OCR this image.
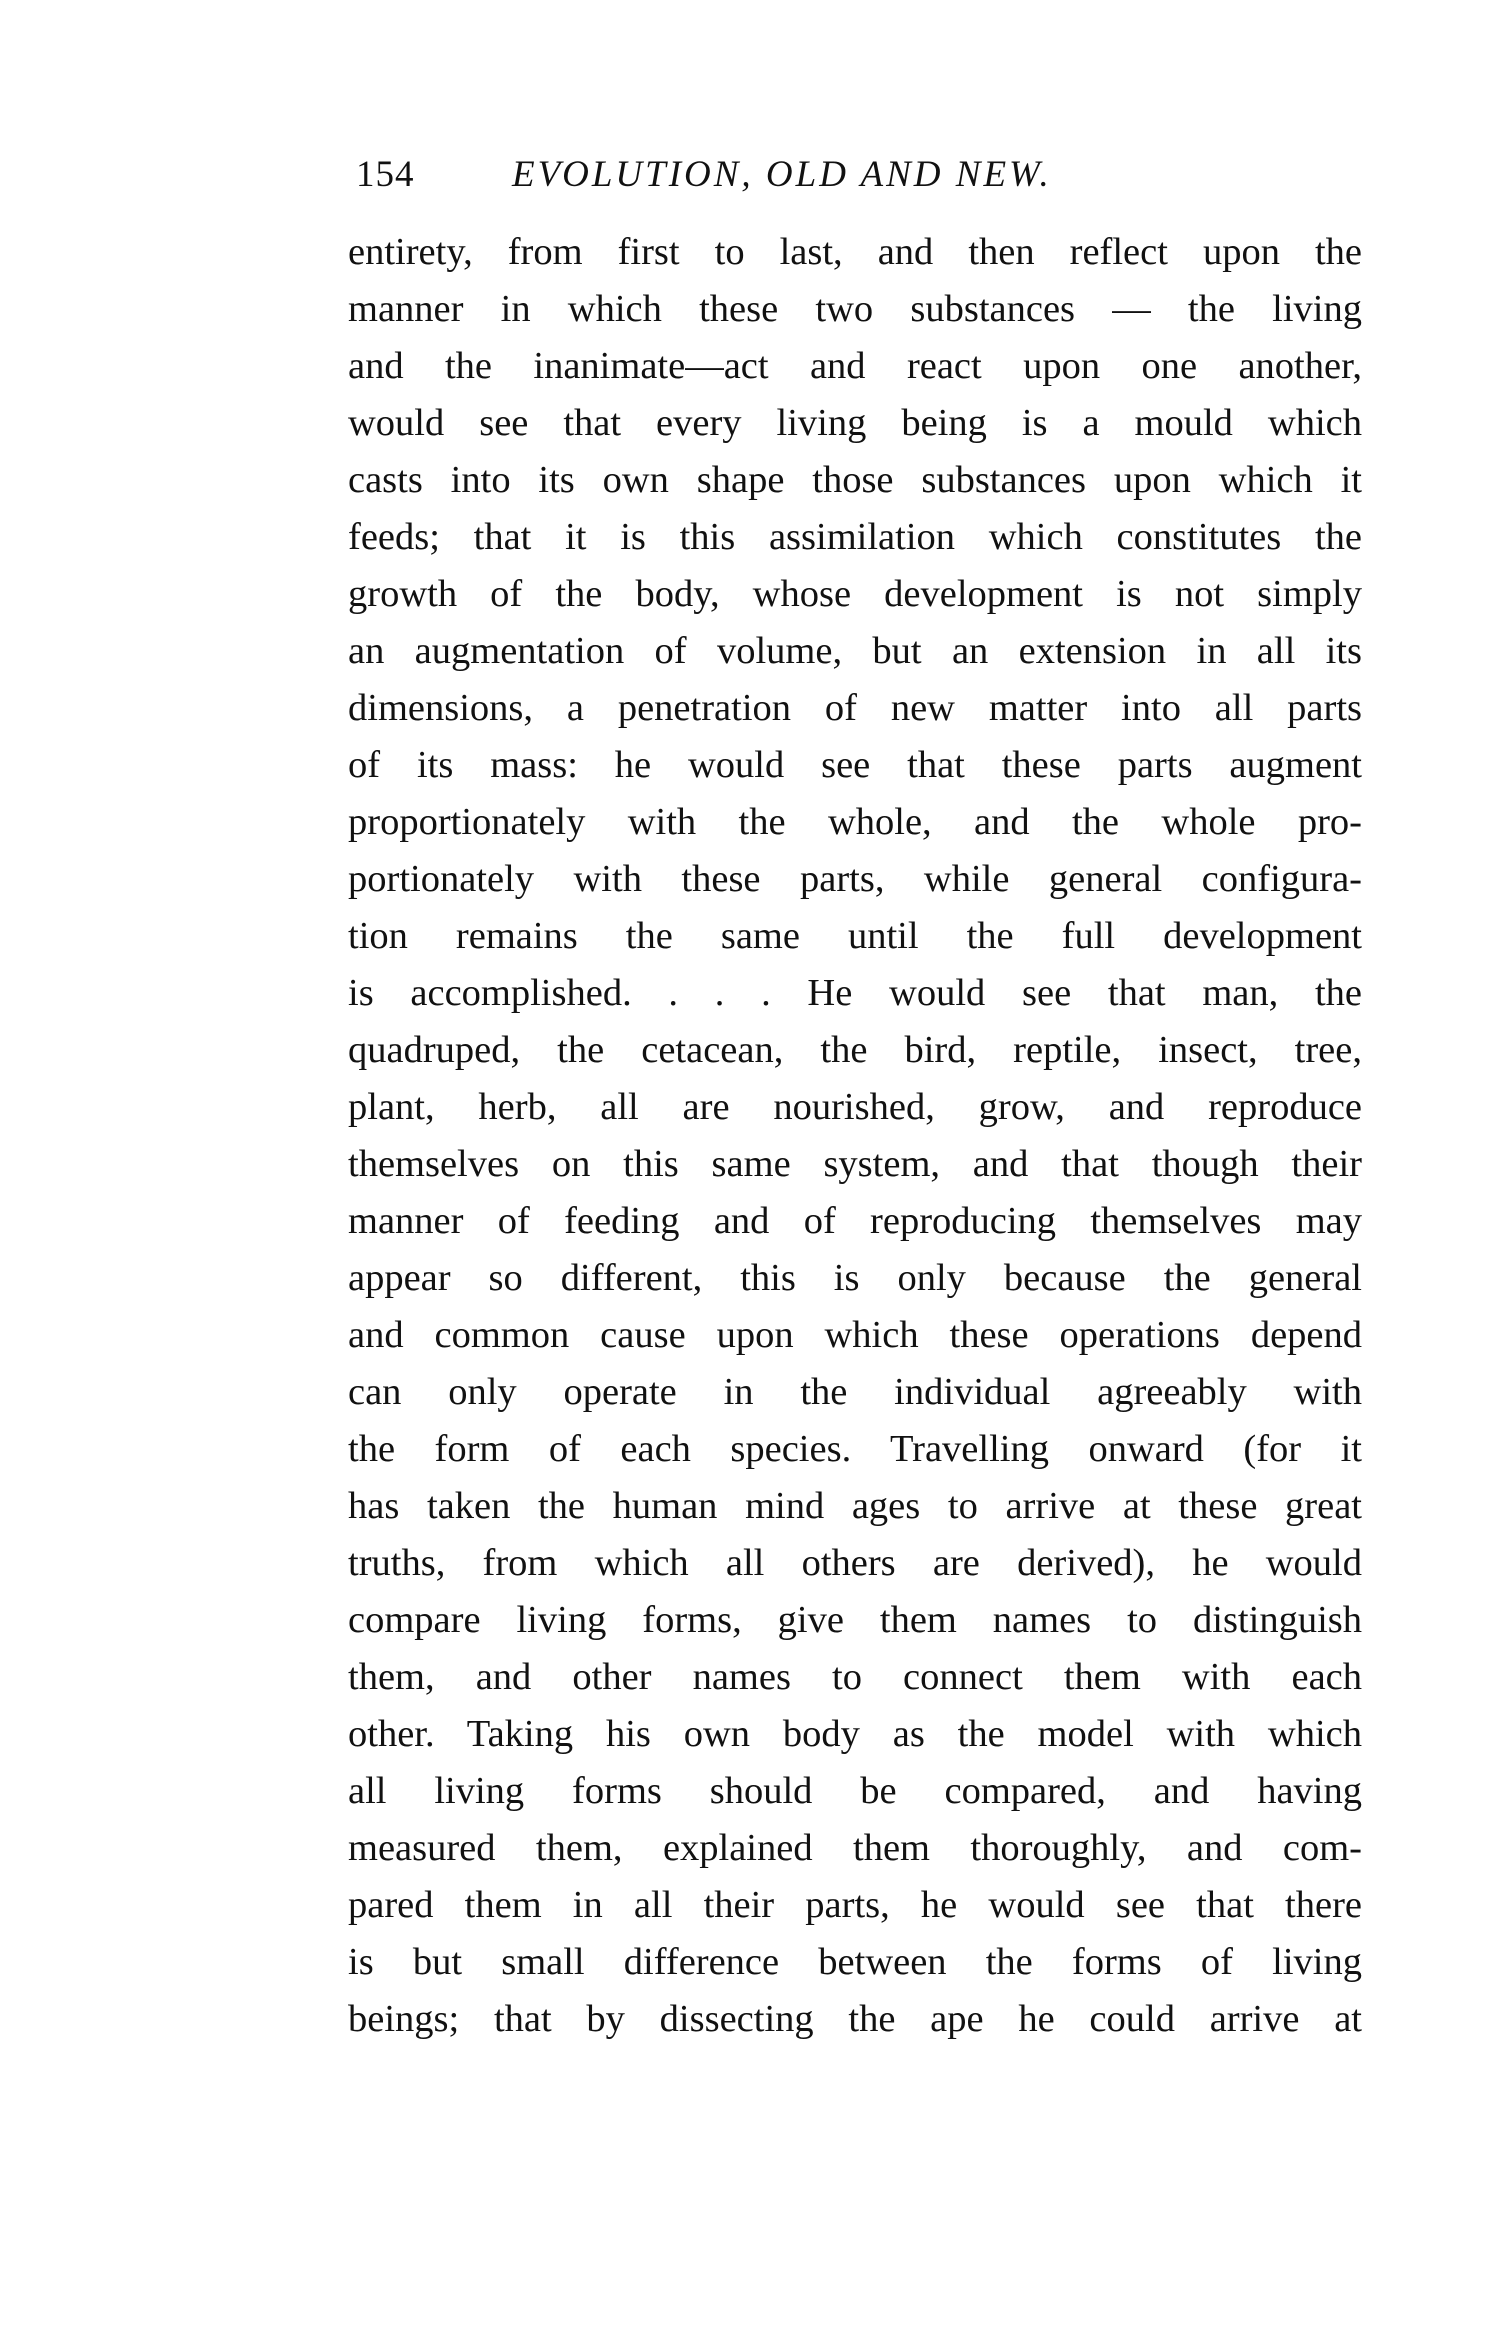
154	EVOLUTION, OLD AND NEW.
entirety, from first to last, and then reflect upon the
manner in which these two substances — the living
and the inanimate—act and react upon one another,
would see that every living being is a mould which
casts into its own shape those substances upon which it
feeds; that it is this assimilation which constitutes the
growth of the body, whose development is not simply
an augmentation of volume, but an extension in all its
dimensions, a penetration of new matter into all parts
of its mass: he would see that these parts augment
proportionately with the whole, and the whole pro-
portionately with these parts, while general configura-
tion remains the same until the full development
is accomplished. . . . He would see that man, the
quadruped, the cetacean, the bird, reptile, insect, tree,
plant, herb, all are nourished, grow, and reproduce
themselves on this same system, and that though their
manner of feeding and of reproducing themselves may
appear so different, this is only because the general
and common cause upon which these operations depend
can only operate in the individual agreeably with
the form of each species. Travelling onward (for it
has taken the human mind ages to arrive at these great
truths, from which all others are derived), he would
compare living forms, give them names to distinguish
them, and other names to connect them with each
other. Taking his own body as the model with which
all living forms should be compared, and having
measured them, explained them thoroughly, and com-
pared them in all their parts, he would see that there
is but small difference between the forms of living
beings; that by dissecting the ape he could arrive at
